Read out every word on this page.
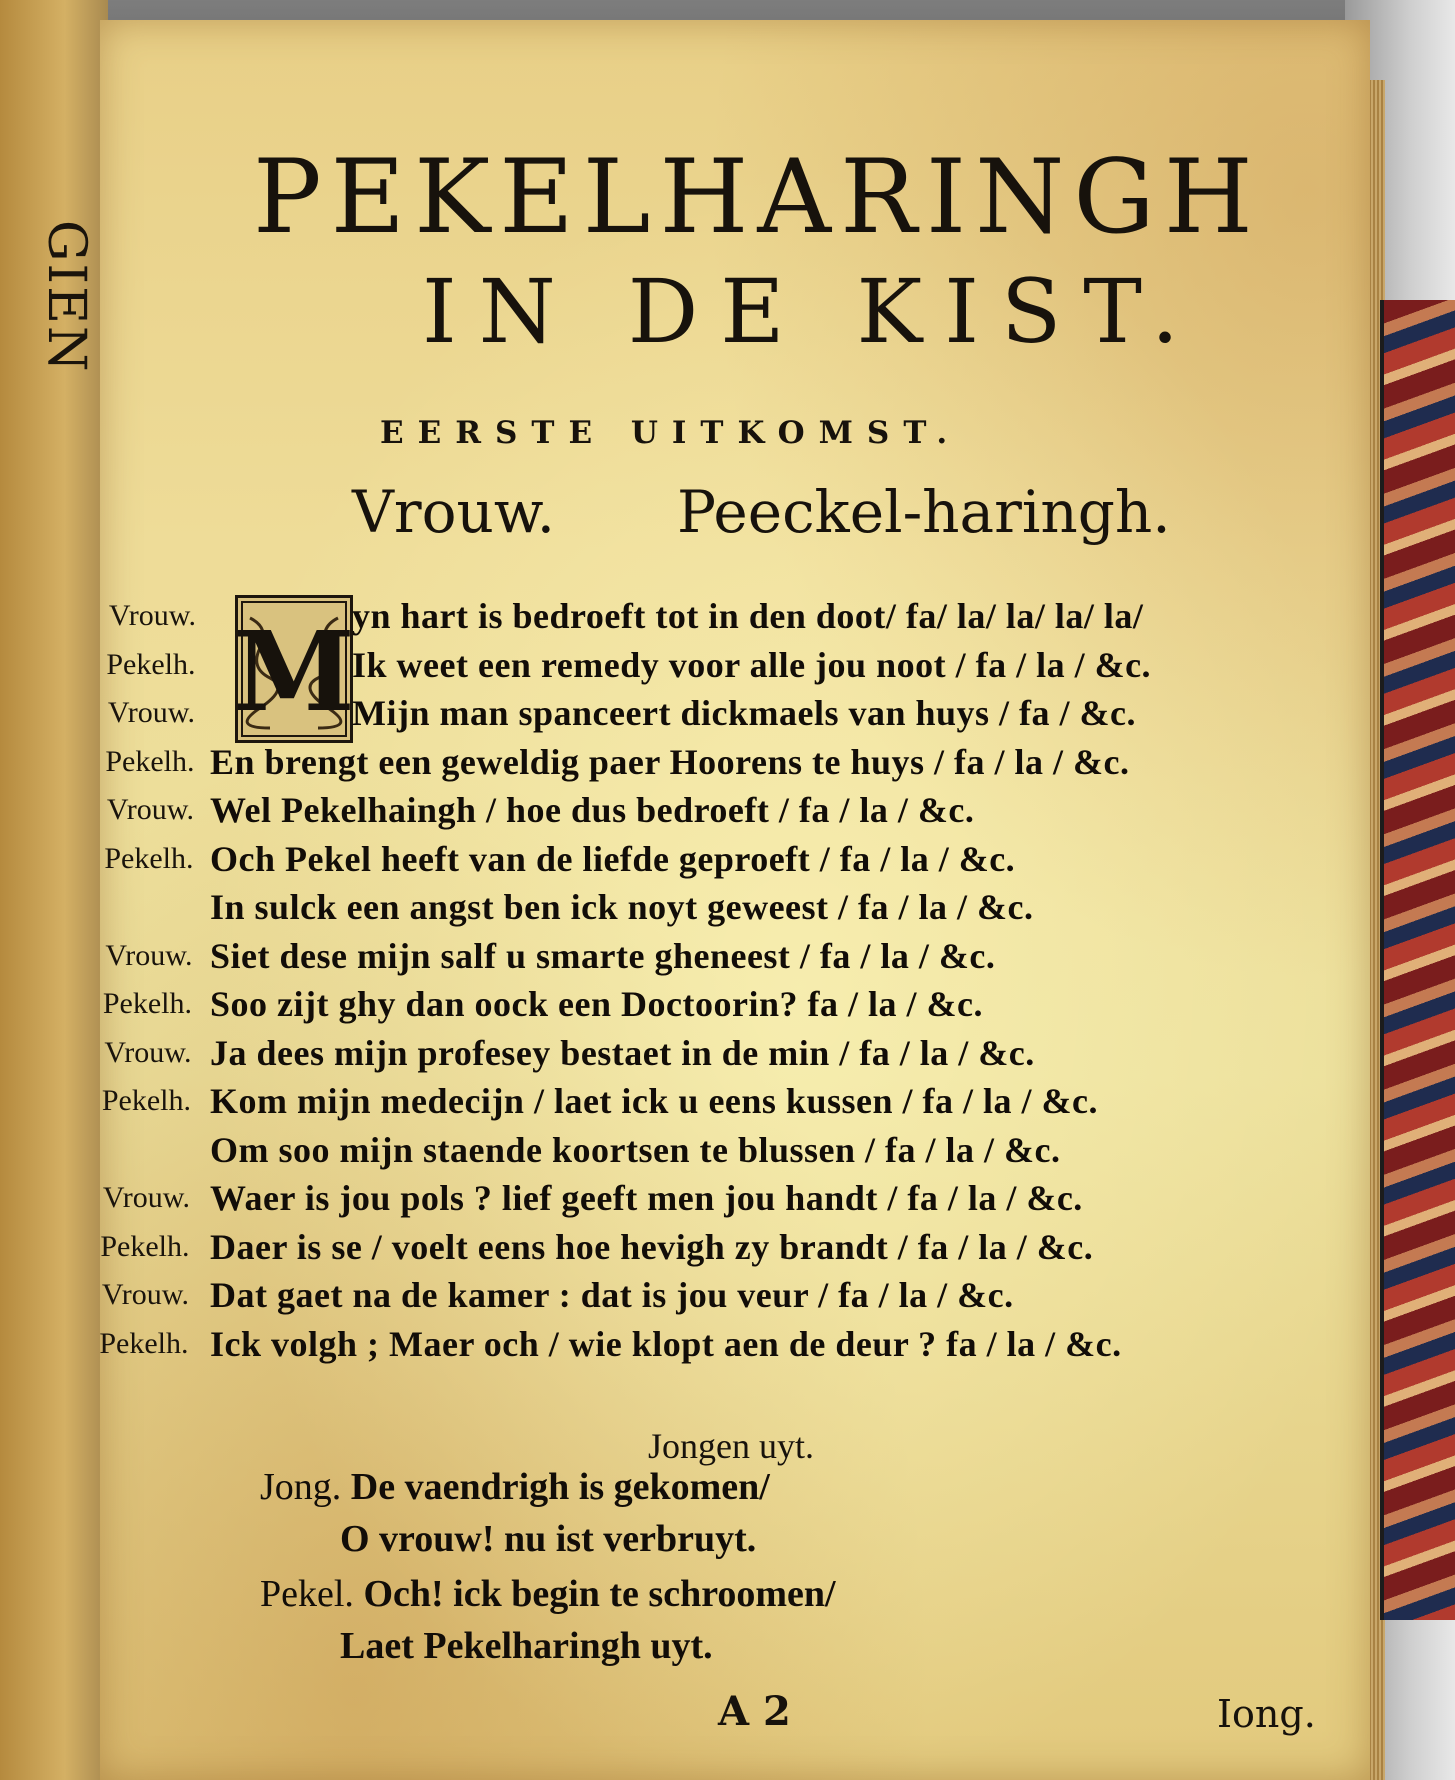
GIEN
PEKELHARINGH
IN DE KIST.
EERSTE UITKOMST.
Vrouw. Peeckel-haringh.
M
Vrouw.	yn hart is bedroeft tot in den doot/ fa/ la/ la/ la/ la/
Pekelh.	Ik weet een remedy voor alle jou noot / fa / la / &c.
Vrouw.	Mijn man spanceert dickmaels van huys / fa / &c.
Pekelh. En brengt een geweldig paer Hoorens te huys / fa / la / &c.
Vrouw. Wel Pekelhaingh / hoe dus bedroeft / fa / la / &c.
Pekelh. Och Pekel heeft van de liefde geproeft / fa / la / &c.
In sulck een angst ben ick noyt geweest / fa / la / &c.
Vrouw. Siet dese mijn salf u smarte gheneest / fa / la / &c.
Pekelh. Soo zijt ghy dan oock een Doctoorin? fa / la / &c.
Vrouw. Ja dees mijn profesey bestaet in de min / fa / la / &c.
Pekelh. Kom mijn medecijn / laet ick u eens kussen / fa / la / &c.
Om soo mijn staende koortsen te blussen / fa / la / &c.
Vrouw. Waer is jou pols ? lief geeft men jou handt / fa / la / &c.
Pekelh. Daer is se / voelt eens hoe hevigh zy brandt / fa / la / &c.
Vrouw. Dat gaet na de kamer : dat is jou veur / fa / la / &c.
Pekelh. Ick volgh ; Maer och / wie klopt aen de deur ? fa / la / &c.
Jongen uyt.
Jong. De vaendrigh is gekomen/
O vrouw! nu ist verbruyt.
Pekel. Och! ick begin te schroomen/
Laet Pekelharingh uyt.
A 2	Iong.
